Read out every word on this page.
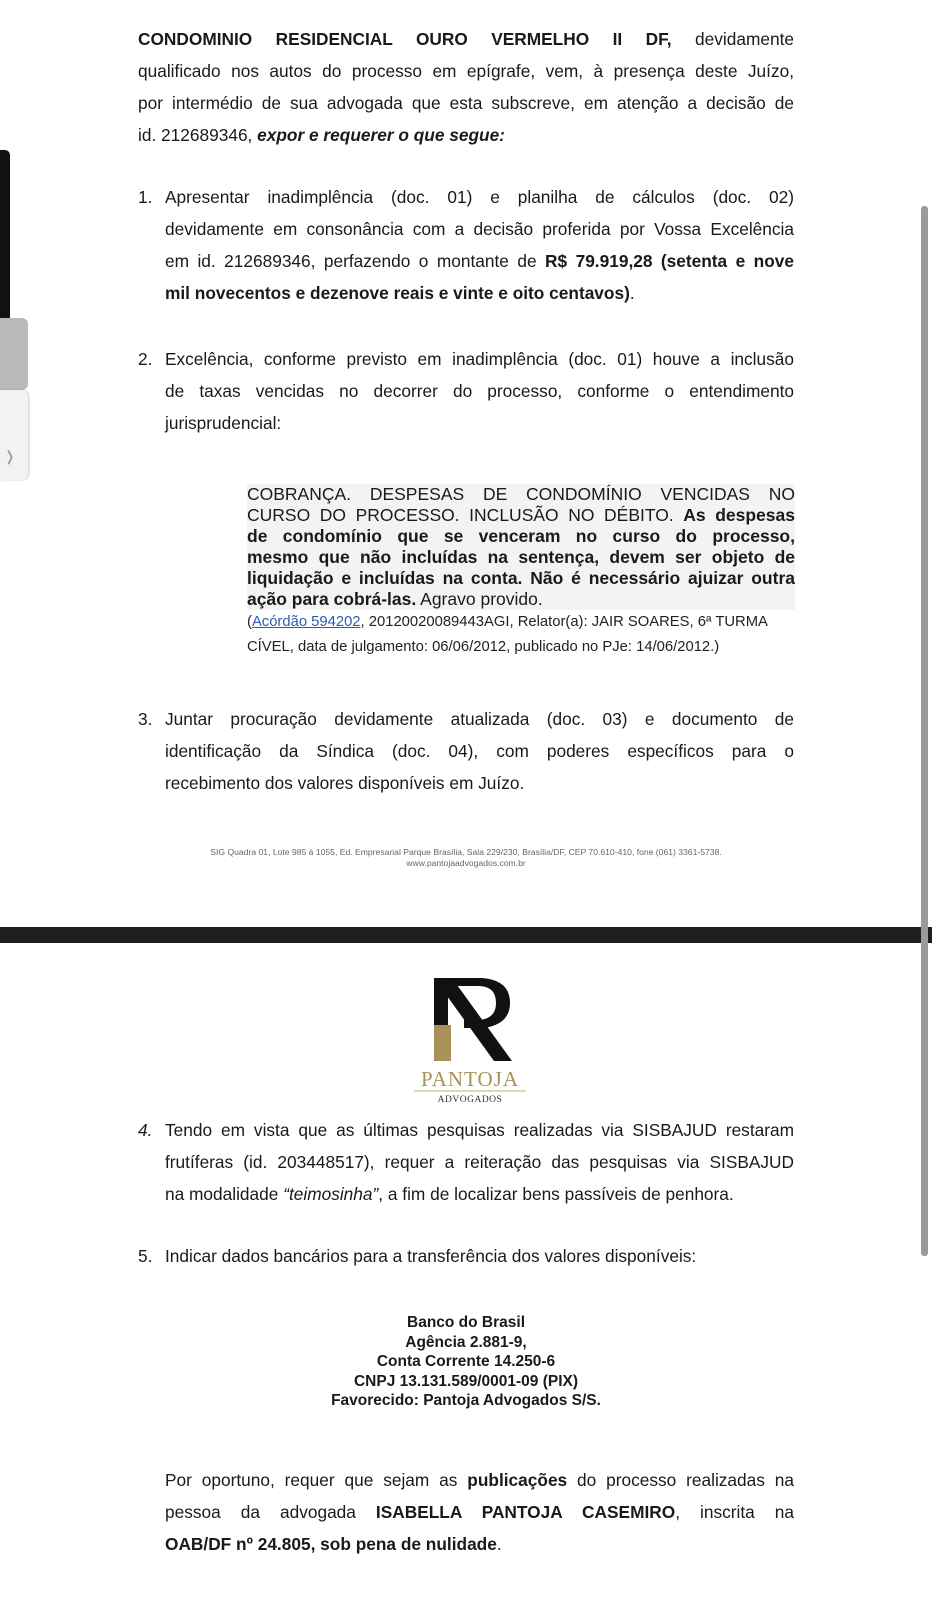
CONDOMINIO RESIDENCIAL OURO VERMELHO II DF, devidamente
qualificado nos autos do processo em epígrafe, vem, à presença deste Juízo,
por intermédio de sua advogada que esta subscreve, em atenção a decisão de
id. 212689346, expor e requerer o que segue:
1. Apresentar inadimplência (doc. 01) e planilha de cálculos (doc. 02)
devidamente em consonância com a decisão proferida por Vossa Excelência
em id. 212689346, perfazendo o montante de R$ 79.919,28 (setenta e nove
mil novecentos e dezenove reais e vinte e oito centavos).
2. Excelência, conforme previsto em inadimplência (doc. 01) houve a inclusão
de taxas vencidas no decorrer do processo, conforme o entendimento
jurisprudencial:
COBRANÇA. DESPESAS DE CONDOMÍNIO VENCIDAS NO
CURSO DO PROCESSO. INCLUSÃO NO DÉBITO. As despesas
de condomínio que se venceram no curso do processo,
mesmo que não incluídas na sentença, devem ser objeto de
liquidação e incluídas na conta. Não é necessário ajuizar outra
ação para cobrá-las. Agravo provido.
(Acórdão 594202, 20120020089443AGI, Relator(a): JAIR SOARES, 6ª TURMA
CÍVEL, data de julgamento: 06/06/2012, publicado no PJe: 14/06/2012.)
3. Juntar procuração devidamente atualizada (doc. 03) e documento de
identificação da Síndica (doc. 04), com poderes específicos para o
recebimento dos valores disponíveis em Juízo.
SIG Quadra 01, Lote 985 à 1055, Ed. Empresarial Parque Brasília, Sala 229/230, Brasília/DF, CEP 70.610-410, fone (061) 3361-5738.
www.pantojaadvogados.com.br
PANTOJA
ADVOGADOS
4. Tendo em vista que as últimas pesquisas realizadas via SISBAJUD restaram
frutíferas (id. 203448517), requer a reiteração das pesquisas via SISBAJUD
na modalidade “teimosinha”, a fim de localizar bens passíveis de penhora.
5. Indicar dados bancários para a transferência dos valores disponíveis:
Banco do Brasil
Agência 2.881-9,
Conta Corrente 14.250-6
CNPJ 13.131.589/0001-09 (PIX)
Favorecido: Pantoja Advogados S/S.
Por oportuno, requer que sejam as publicações do processo realizadas na
pessoa da advogada ISABELLA PANTOJA CASEMIRO, inscrita na
OAB/DF nº 24.805, sob pena de nulidade.
❭
